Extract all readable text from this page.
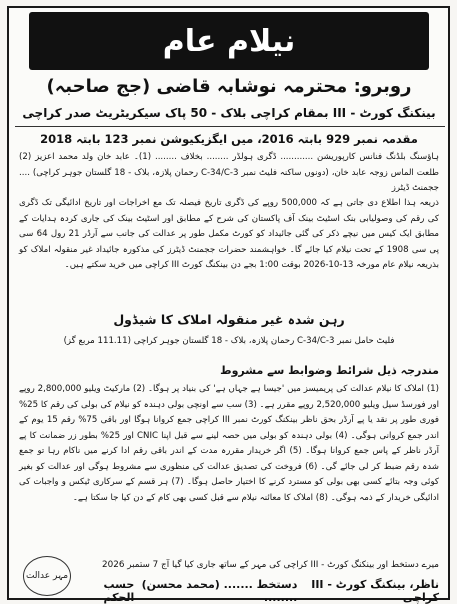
نیلام عام
روبرو: محترمہ نوشابہ قاضی (جج صاحبہ)
بینکنگ کورٹ - III بمقام کراچی بلاک - 50 پاک سیکریٹریٹ صدر کراچی
مقدمہ نمبر 929 بابتہ 2016، میں ایگزیکیوشن نمبر 123 بابتہ 2018
ہاؤسنگ بلڈنگ فنانس کارپوریشن ............ ڈگری ہولڈر ........ بخلاف ........ (1)۔ عابد خان ولد محمد اعزیز (2) طلعت الماس زوجہ عابد خان، (دونوں ساکنہ فلیٹ نمبر C-34/C-3 رحمان پلازہ، بلاک - 18 گلستان جوہر کراچی) .... ججمنٹ ڈیٹرز
ذریعہ ہذا اطلاع دی جاتی ہے کہ 500,000 روپے کی ڈگری تاریخ فیصلہ تک مع اخراجات اور تاریخ ادائیگی تک ڈگری کی رقم کی وصولیابی بنک اسٹیٹ بینک آف پاکستان کی شرح کے مطابق اور اسٹیٹ بینک کی جاری کردہ ہدایات کے مطابق ایک کیس میں نیچے ذکر کی گئی جائیداد کو کورٹ مکمل طور پر عدالت کی جانب سے آرڈر 21 رول 64 سی پی سی 1908 کے تحت نیلام کیا جائے گا۔ خواہشمند حضرات ججمنٹ ڈیٹرز کی مذکورہ جائیداد غیر منقولہ املاک کو بذریعہ نیلام عام مورخہ 13-10-2026 بوقت 1:00 بجے دن بینکنگ کورٹ III کراچی میں خرید سکتے ہیں۔
رہن شدہ غیر منقولہ املاک کا شیڈول
فلیٹ حامل نمبر C-34/C-3 رحمان پلازہ، بلاک - 18 گلستان جوہر کراچی (111.11 مربع گز)
مندرجہ ذیل شرائط وضوابط سے مشروط
(1) املاک کا نیلام عدالت کی پریمیسز میں 'جیسا ہے جہاں ہے' کی بنیاد پر ہوگا۔ (2) مارکیٹ ویلیو 2,800,000 روپے اور فورسڈ سیل ویلیو 2,520,000 روپے مقرر ہے۔ (3) سب سے اونچی بولی دہندہ کو نیلام کی بولی کی رقم کا 25% فوری طور پر نقد یا پے آرڈر بحق ناظر بینکنگ کورٹ نمبر III کراچی جمع کروانا ہوگا اور باقی 75% رقم 15 یوم کے اندر جمع کروانی ہوگی۔ (4) بولی دہندہ کو بولی میں حصہ لینے سے قبل اپنا CNIC اور 25% بطور زر ضمانت کا پے آرڈر ناظر کے پاس جمع کروانا ہوگا۔ (5) اگر خریدار مقررہ مدت کے اندر باقی رقم ادا کرنے میں ناکام رہا تو جمع شدہ رقم ضبط کر لی جائے گی۔ (6) فروخت کی تصدیق عدالت کی منظوری سے مشروط ہوگی اور عدالت کو بغیر کوئی وجہ بتائے کسی بھی بولی کو مسترد کرنے کا اختیار حاصل ہوگا۔ (7) ہر قسم کے سرکاری ٹیکس و واجبات کی ادائیگی خریدار کے ذمہ ہوگی۔ (8) املاک کا معائنہ نیلام سے قبل کسی بھی کام کے دن کیا جا سکتا ہے۔
میرے دستخط اور بینکنگ کورٹ - III کراچی کی مہر کے ساتھ جاری کیا گیا آج 7 ستمبر 2026
مہر عدالت
حسب الحکم
دستخط ....... (محمد محسن) ........
ناظر، بینکنگ کورٹ - III کراچی
